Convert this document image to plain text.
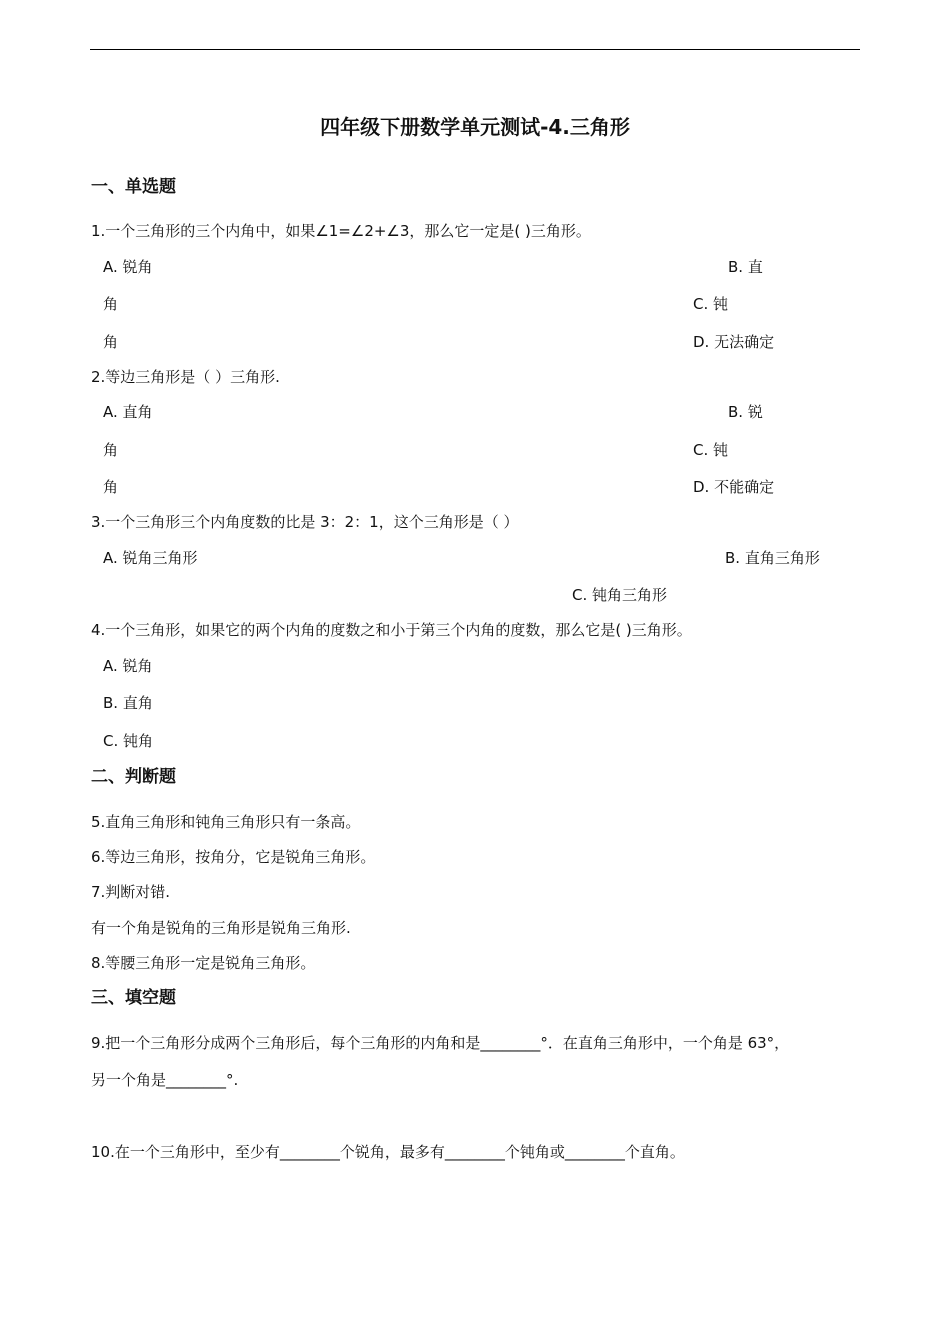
四年级下册数学单元测试-4.三角形
一、单选题
1.一个三角形的三个内角中，如果∠1=∠2+∠3，那么它一定是( )三角形。
A. 锐角	B. 直
角	C. 钝
角	D. 无法确定
2.等边三角形是（ ）三角形.
A. 直角	B. 锐
角	C. 钝
角	D. 不能确定
3.一个三角形三个内角度数的比是 3：2：1，这个三角形是（ ）
A. 锐角三角形	B. 直角三角形
C. 钝角三角形
4.一个三角形，如果它的两个内角的度数之和小于第三个内角的度数，那么它是( )三角形。
A. 锐角
B. 直角
C. 钝角
二、判断题
5.直角三角形和钝角三角形只有一条高。
6.等边三角形，按角分，它是锐角三角形。
7.判断对错.
有一个角是锐角的三角形是锐角三角形.
8.等腰三角形一定是锐角三角形。
三、填空题
9.把一个三角形分成两个三角形后，每个三角形的内角和是________°．在直角三角形中，一个角是 63°，
另一个角是________°.
10.在一个三角形中，至少有________个锐角，最多有________个钝角或________个直角。
